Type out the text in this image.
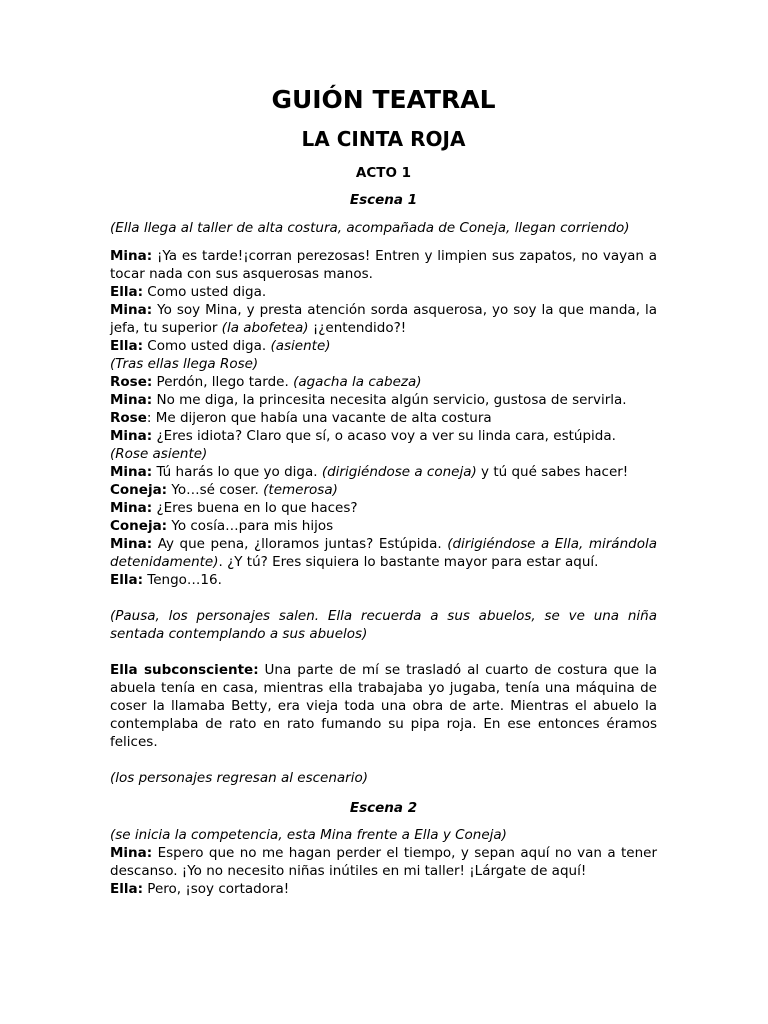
GUIÓN TEATRAL
LA CINTA ROJA
ACTO 1
Escena 1

(Ella llega al taller de alta costura, acompañada de Coneja, llegan corriendo)

Mina: ¡Ya es tarde!¡corran perezosas! Entren y limpien sus zapatos, no vayan a tocar nada con sus asquerosas manos.

Ella: Como usted diga.

Mina: Yo soy Mina, y presta atención sorda asquerosa, yo soy la que manda, la jefa, tu superior (la abofetea) ¡¿entendido?!

Ella: Como usted diga. (asiente)

(Tras ellas llega Rose)

Rose: Perdón, llego tarde. (agacha la cabeza)

Mina: No me diga, la princesita necesita algún servicio, gustosa de servirla.

Rose: Me dijeron que había una vacante de alta costura

Mina: ¿Eres idiota? Claro que sí, o acaso voy a ver su linda cara, estúpida.

(Rose asiente)

Mina: Tú harás lo que yo diga. (dirigiéndose a coneja) y tú qué sabes hacer!

Coneja: Yo…sé coser. (temerosa)

Mina: ¿Eres buena en lo que haces?

Coneja: Yo cosía…para mis hijos

Mina: Ay que pena, ¿lloramos juntas? Estúpida. (dirigiéndose a Ella, mirándola detenidamente). ¿Y tú? Eres siquiera lo bastante mayor para estar aquí.

Ella: Tengo…16.

(Pausa, los personajes salen. Ella recuerda a sus abuelos, se ve una niña sentada contemplando a sus abuelos)

Ella subconsciente: Una parte de mí se trasladó al cuarto de costura que la abuela tenía en casa, mientras ella trabajaba yo jugaba, tenía una máquina de coser la llamaba Betty, era vieja toda una obra de arte. Mientras el abuelo la contemplaba de rato en rato fumando su pipa roja. En ese entonces éramos felices.

(los personajes regresan al escenario)

Escena 2

(se inicia la competencia, esta Mina frente a Ella y Coneja)

Mina: Espero que no me hagan perder el tiempo, y sepan aquí no van a tener descanso. ¡Yo no necesito niñas inútiles en mi taller! ¡Lárgate de aquí!

Ella: Pero, ¡soy cortadora!
